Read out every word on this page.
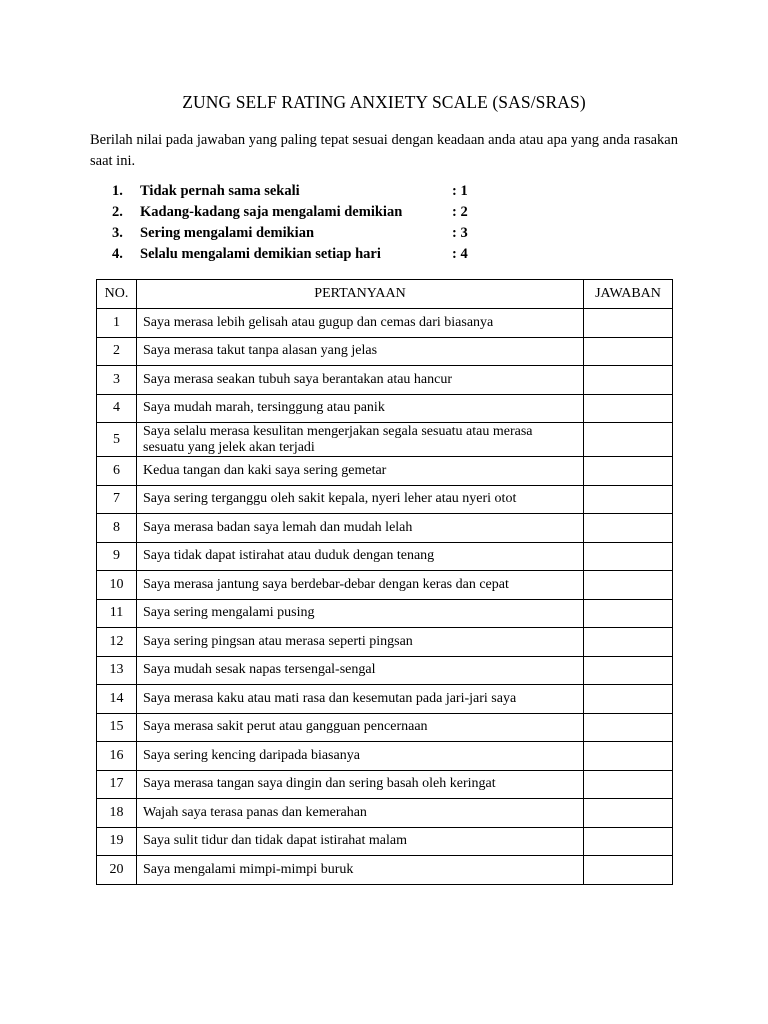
ZUNG SELF RATING ANXIETY SCALE (SAS/SRAS)
Berilah nilai pada jawaban yang paling tepat sesuai dengan keadaan anda atau apa yang anda rasakan saat ini.
1. Tidak pernah sama sekali	: 1
2. Kadang-kadang saja mengalami demikian	: 2
3. Sering mengalami demikian	: 3
4. Selalu mengalami demikian setiap hari	: 4
NO.	PERTANYAAN	JAWABAN
1	Saya merasa lebih gelisah atau gugup dan cemas dari biasanya	
2	Saya merasa takut tanpa alasan yang jelas	
3	Saya merasa seakan tubuh saya berantakan atau hancur	
4	Saya mudah marah, tersinggung atau panik	
5	Saya selalu merasa kesulitan mengerjakan segala sesuatu atau merasa sesuatu yang jelek akan terjadi	
6	Kedua tangan dan kaki saya sering gemetar	
7	Saya sering terganggu oleh sakit kepala, nyeri leher atau nyeri otot	
8	Saya merasa badan saya lemah dan mudah lelah	
9	Saya tidak dapat istirahat atau duduk dengan tenang	
10	Saya merasa jantung saya berdebar-debar dengan keras dan cepat	
11	Saya sering mengalami pusing	
12	Saya sering pingsan atau merasa seperti pingsan	
13	Saya mudah sesak napas tersengal-sengal	
14	Saya merasa kaku atau mati rasa dan kesemutan pada jari-jari saya	
15	Saya merasa sakit perut atau gangguan pencernaan	
16	Saya sering kencing daripada biasanya	
17	Saya merasa tangan saya dingin dan sering basah oleh keringat	
18	Wajah saya terasa panas dan kemerahan	
19	Saya sulit tidur dan tidak dapat istirahat malam	
20	Saya mengalami mimpi-mimpi buruk	
